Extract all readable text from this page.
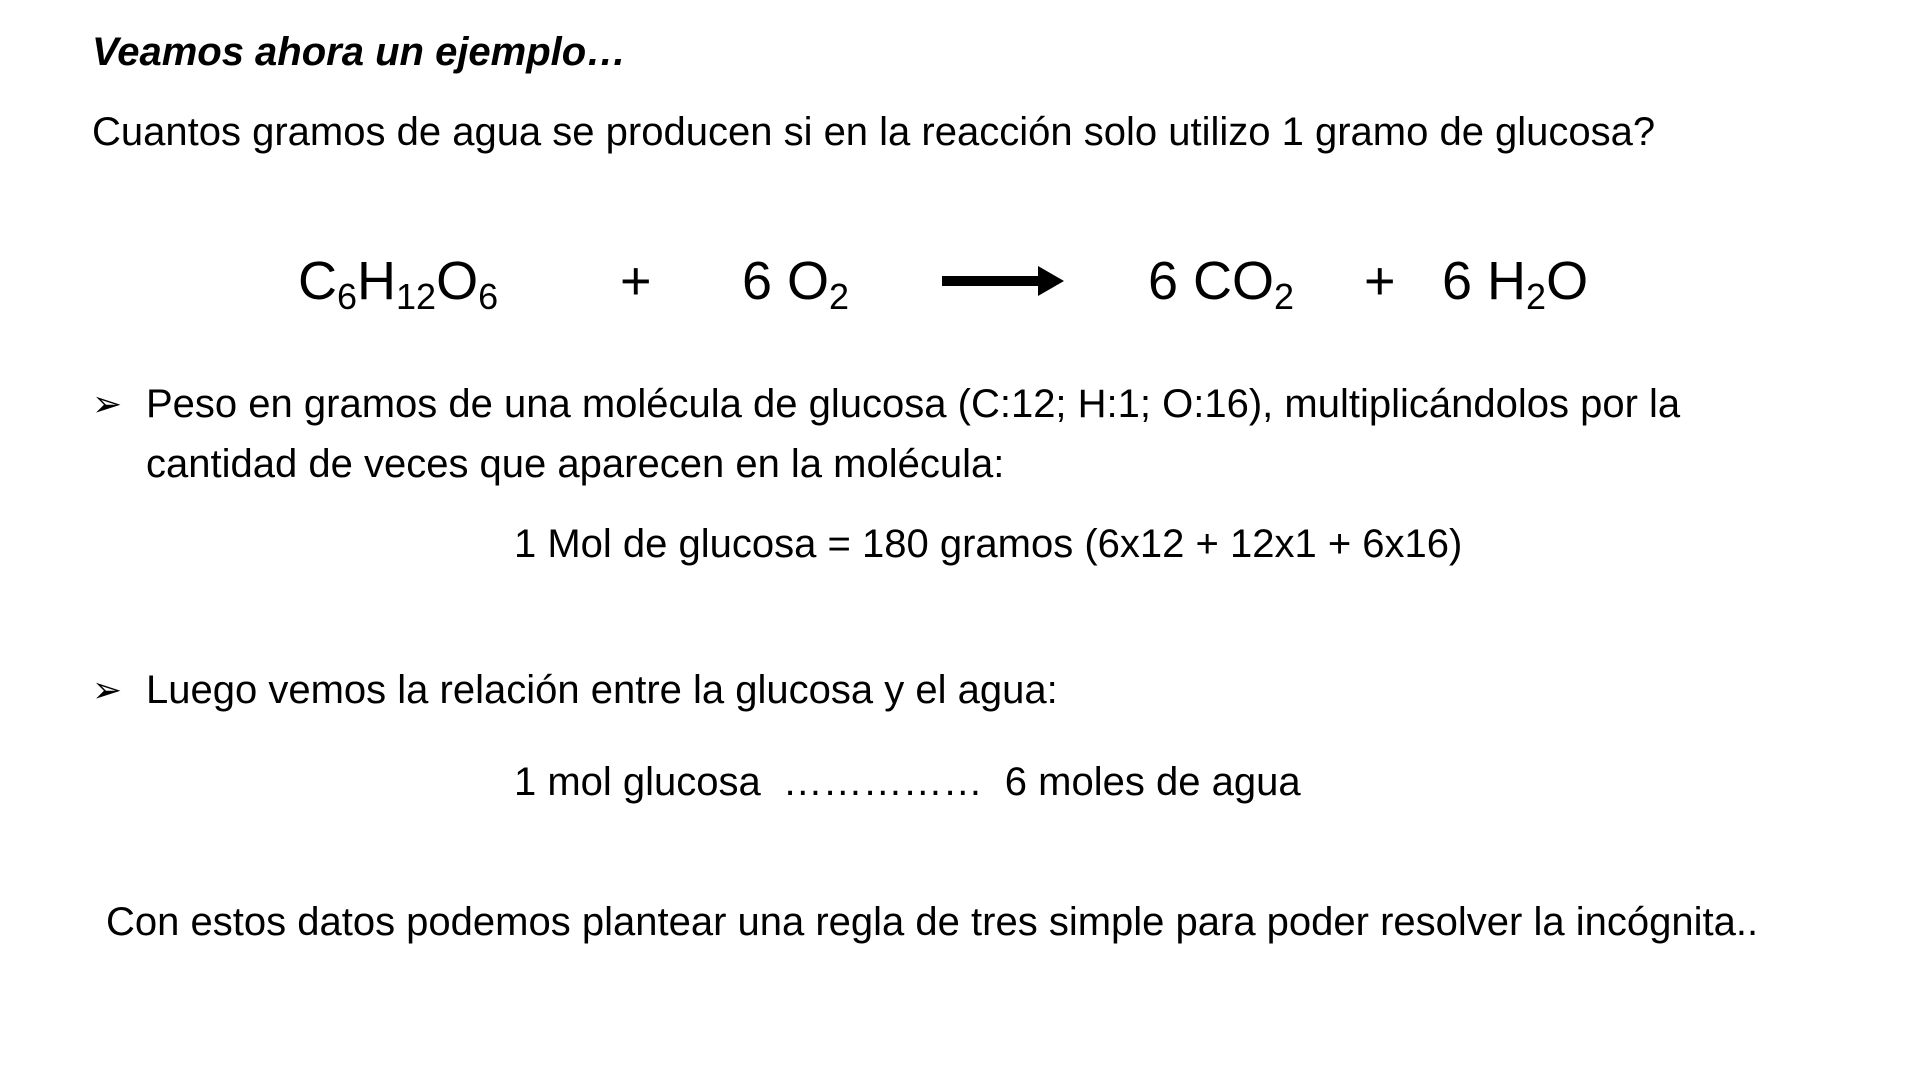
Veamos ahora un ejemplo…
Cuantos gramos de agua se producen si en la reacción solo utilizo 1 gramo de glucosa?
$C_6H_{12}O_6 + 6$ $O_2$	6 $CO_2 + 6$ $H_2O$
➢ Peso en gramos de una molécula de glucosa (C:12; H:1; O:16), multiplicándolos por la cantidad de veces que aparecen en la molécula:
1 Mol de glucosa = 180 gramos (6x12 + 12x1 + 6x16)
➢ Luego vemos la relación entre la glucosa y el agua:
1 mol glucosa …………… 6 moles de agua
Con estos datos podemos plantear una regla de tres simple para poder resolver la incógnita..
